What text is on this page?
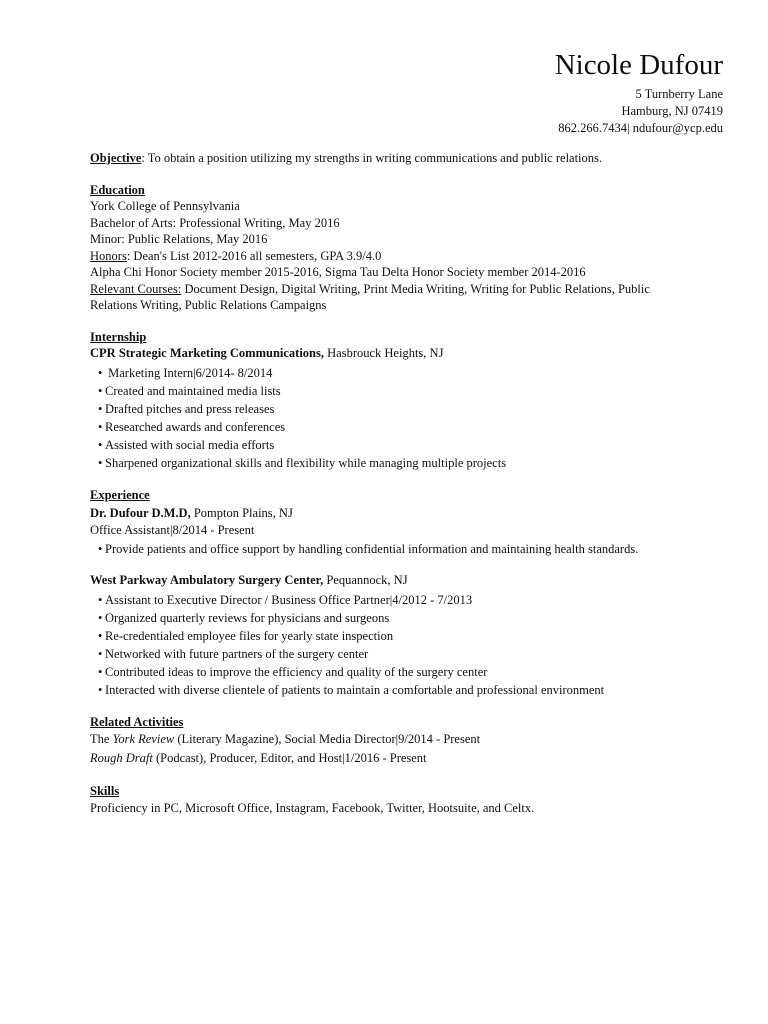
Nicole Dufour
5 Turnberry Lane
Hamburg, NJ 07419
862.266.7434| ndufour@ycp.edu
Objective: To obtain a position utilizing my strengths in writing communications and public relations.
Education
York College of Pennsylvania
Bachelor of Arts: Professional Writing, May 2016
Minor: Public Relations, May 2016
Honors: Dean's List 2012-2016 all semesters, GPA 3.9/4.0
Alpha Chi Honor Society member 2015-2016, Sigma Tau Delta Honor Society member 2014-2016
Relevant Courses: Document Design, Digital Writing, Print Media Writing, Writing for Public Relations, Public Relations Writing, Public Relations Campaigns
Internship
CPR Strategic Marketing Communications, Hasbrouck Heights, NJ
• Marketing Intern|6/2014- 8/2014
• Created and maintained media lists
• Drafted pitches and press releases
• Researched awards and conferences
• Assisted with social media efforts
• Sharpened organizational skills and flexibility while managing multiple projects
Experience
Dr. Dufour D.M.D, Pompton Plains, NJ
Office Assistant|8/2014 - Present
• Provide patients and office support by handling confidential information and maintaining health standards.
West Parkway Ambulatory Surgery Center, Pequannock, NJ
• Assistant to Executive Director / Business Office Partner|4/2012 - 7/2013
• Organized quarterly reviews for physicians and surgeons
• Re-credentialed employee files for yearly state inspection
• Networked with future partners of the surgery center
• Contributed ideas to improve the efficiency and quality of the surgery center
• Interacted with diverse clientele of patients to maintain a comfortable and professional environment
Related Activities
The York Review (Literary Magazine), Social Media Director|9/2014 - Present
Rough Draft (Podcast), Producer, Editor, and Host|1/2016 - Present
Skills
Proficiency in PC, Microsoft Office, Instagram, Facebook, Twitter, Hootsuite, and Celtx.
